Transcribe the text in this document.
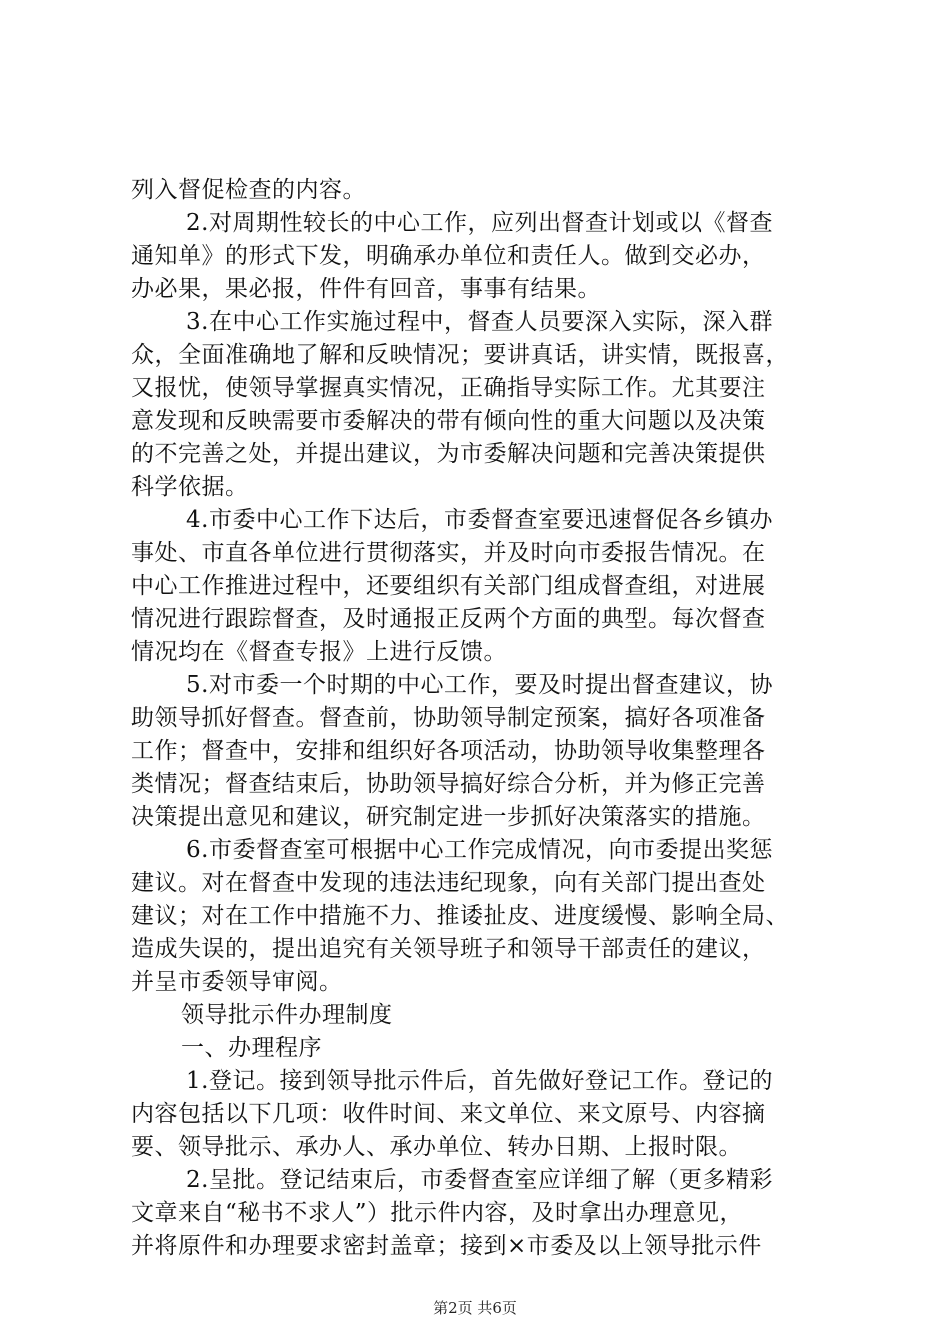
列入督促检查的内容。
2.对周期性较长的中心工作，应列出督查计划或以《督查
通知单》的形式下发，明确承办单位和责任人。做到交必办，
办必果，果必报，件件有回音，事事有结果。
3.在中心工作实施过程中，督查人员要深入实际，深入群
众，全面准确地了解和反映情况；要讲真话，讲实情，既报喜，
又报忧，使领导掌握真实情况，正确指导实际工作。尤其要注
意发现和反映需要市委解决的带有倾向性的重大问题以及决策
的不完善之处，并提出建议，为市委解决问题和完善决策提供
科学依据。
4.市委中心工作下达后，市委督查室要迅速督促各乡镇办
事处、市直各单位进行贯彻落实，并及时向市委报告情况。在
中心工作推进过程中，还要组织有关部门组成督查组，对进展
情况进行跟踪督查，及时通报正反两个方面的典型。每次督查
情况均在《督查专报》上进行反馈。
5.对市委一个时期的中心工作，要及时提出督查建议，协
助领导抓好督查。督查前，协助领导制定预案，搞好各项准备
工作；督查中，安排和组织好各项活动，协助领导收集整理各
类情况；督查结束后，协助领导搞好综合分析，并为修正完善
决策提出意见和建议，研究制定进一步抓好决策落实的措施。
6.市委督查室可根据中心工作完成情况，向市委提出奖惩
建议。对在督查中发现的违法违纪现象，向有关部门提出查处
建议；对在工作中措施不力、推诿扯皮、进度缓慢、影响全局、
造成失误的，提出追究有关领导班子和领导干部责任的建议，
并呈市委领导审阅。
领导批示件办理制度
一、办理程序
1.登记。接到领导批示件后，首先做好登记工作。登记的
内容包括以下几项：收件时间、来文单位、来文原号、内容摘
要、领导批示、承办人、承办单位、转办日期、上报时限。
2.呈批。登记结束后，市委督查室应详细了解（更多精彩
文章来自“秘书不求人”）批示件内容，及时拿出办理意见，
并将原件和办理要求密封盖章；接到×市委及以上领导批示件
第2页 共6页
